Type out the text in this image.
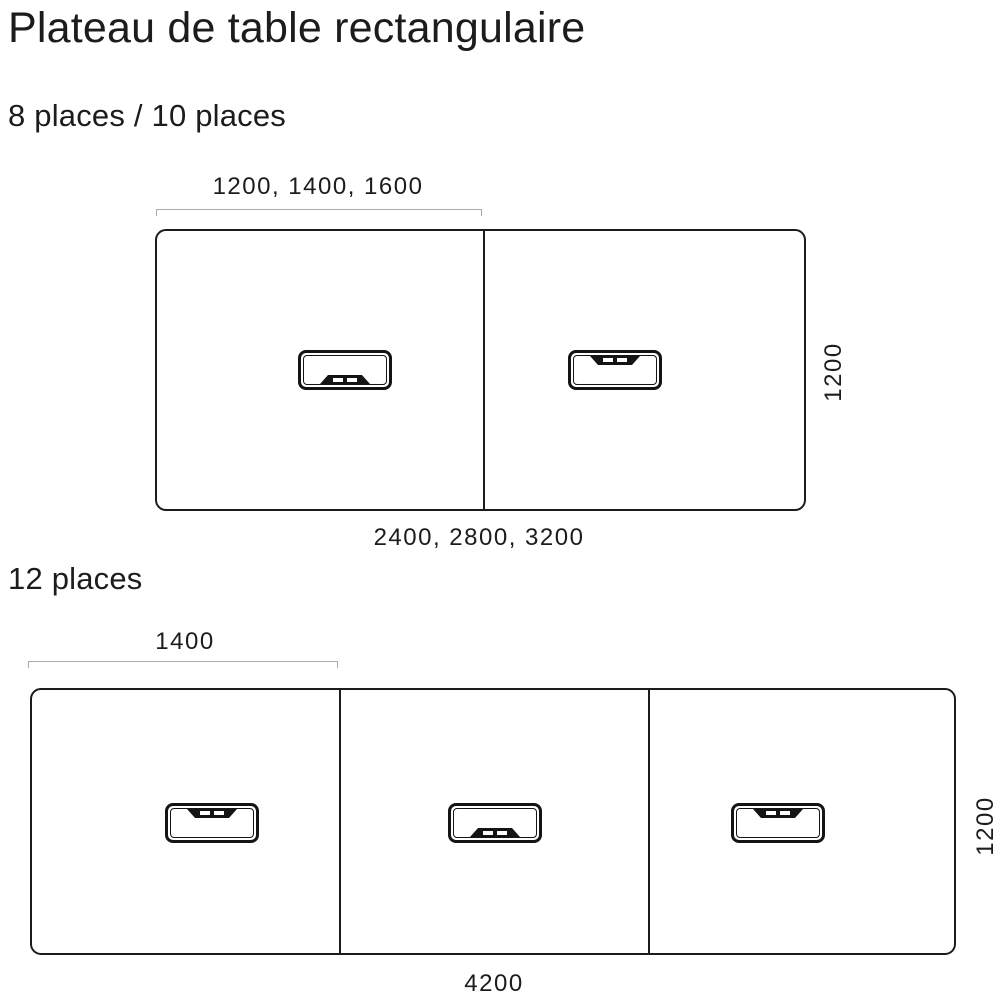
Plateau de table rectangulaire
8 places / 10 places
1200, 1400, 1600
1200
2400, 2800, 3200
12 places
1400
1200
4200
